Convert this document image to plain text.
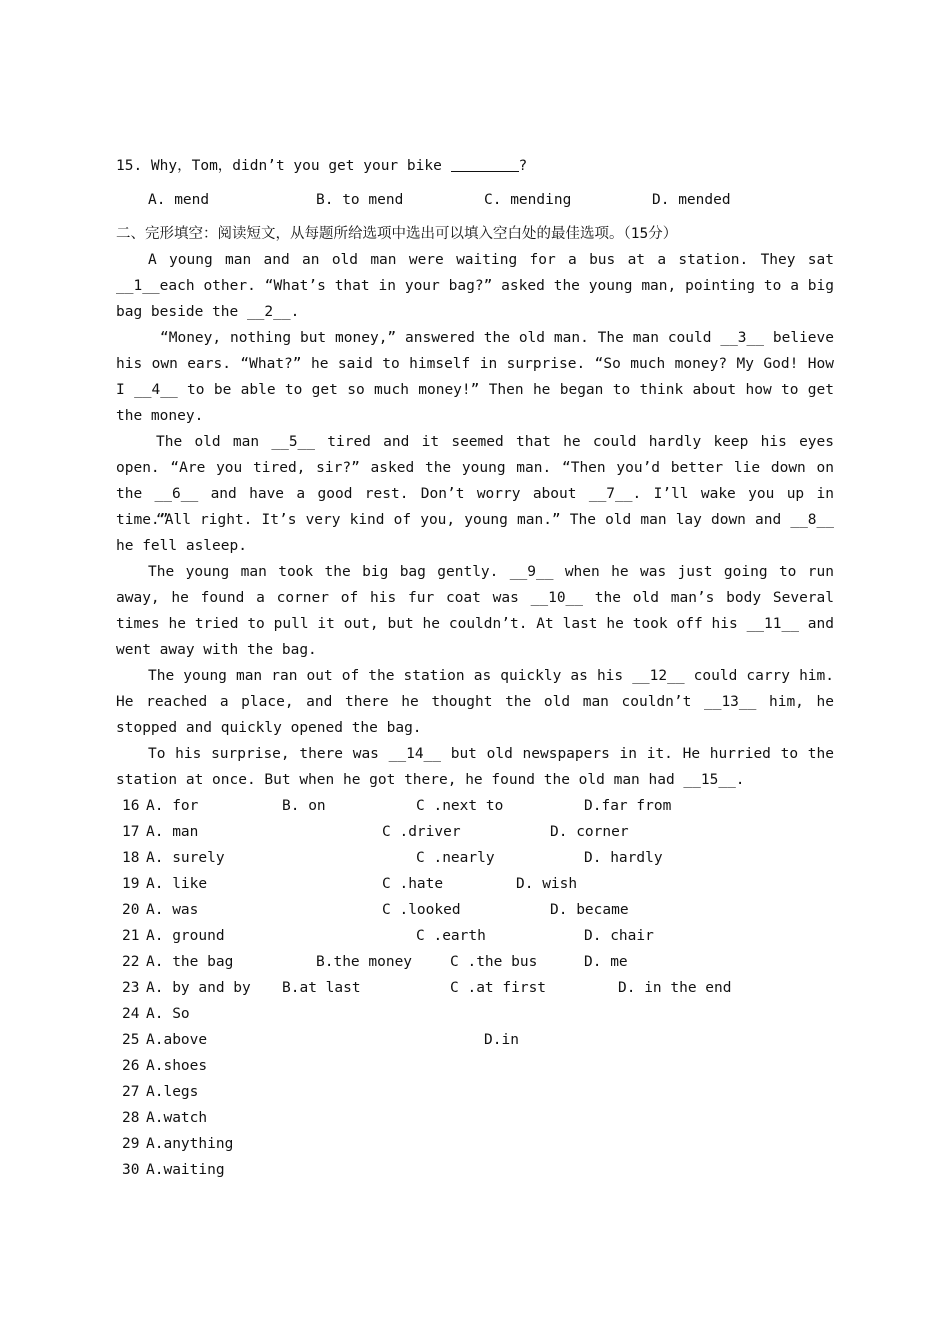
15. Why，Tom，didn’t you get your bike	?
A. mend	B. to mend	C. mending	D. mended
二、完形填空：阅读短文，从每题所给选项中选出可以填入空白处的最佳选项。（15分）

A young man and an old man were waiting for a bus at a station. They sat __1__each other. “What’s that in your bag?” asked the young man, pointing to a big bag beside the __2__.

“Money, nothing but money,” answered the old man. The man could __3__ believe his own ears. “What?” he said to himself in surprise. “So much money? My God! How I __4__ to be able to get so much money!” Then he began to think about how to get the money.

The old man __5__ tired and it seemed that he could hardly keep his eyes open. “Are you tired, sir?” asked the young man. “Then you’d better lie down on the __6__ and have a good rest. Don’t worry about __7__. I’ll wake you up in time.”

“All right. It’s very kind of you, young man.” The old man lay down and __8__ he fell asleep.

The young man took the big bag gently. __9__ when he was just going to run away, he found a corner of his fur coat was __10__ the old man’s body Several times he tried to pull it out, but he couldn’t. At last he took off his __11__ and went away with the bag.

The young man ran out of the station as quickly as his __12__ could carry him. He reached a place, and there he thought the old man couldn’t __13__ him, he stopped and quickly opened the bag.

To his surprise, there was __14__ but old newspapers in it. He hurried to the station at once. But when he got there, he found the old man had __15__.

16 A. for	B. on	C .next to	D.far from
17 A. man	C .driver	D. corner
18 A. surely	C .nearly	D. hardly
19 A. like	C .hate	D. wish
20 A. was	C .looked	D. became
21 A. ground	C .earth	D. chair
22 A. the bag	B.the money	C .the bus	D. me
23 A. by and by B.at last	C .at first	D. in the end
24 A. So
25 A.above	D.in
26 A.shoes
27 A.legs
28 A.watch
29 A.anything
30 A.waiting
